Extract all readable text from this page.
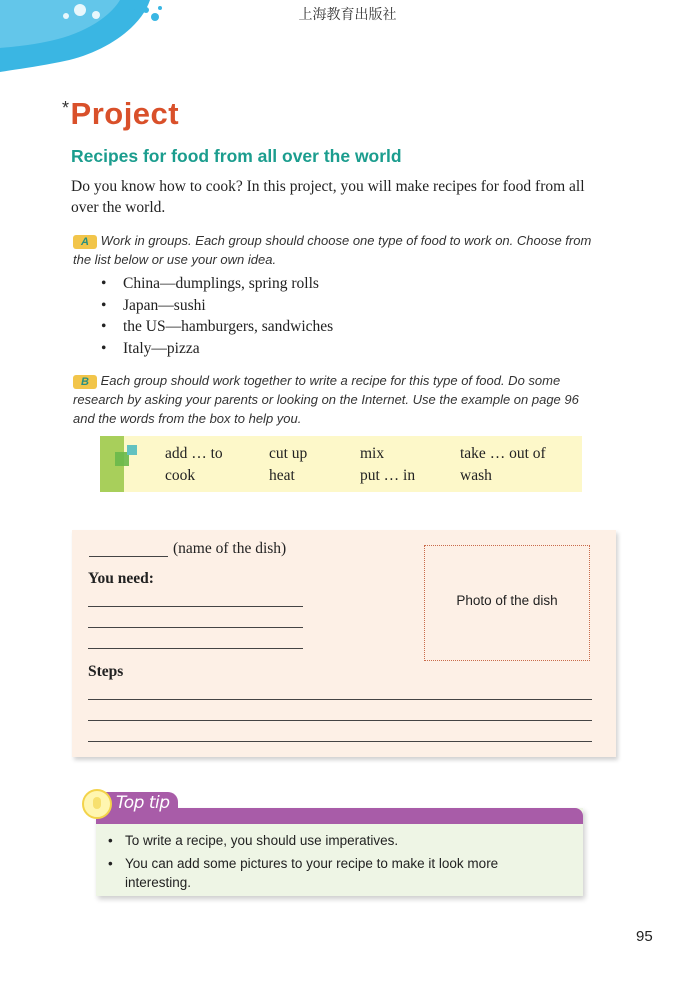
上海教育出版社
*Project
Recipes for food from all over the world
Do you know how to cook? In this project, you will make recipes for food from all over the world.
A Work in groups. Each group should choose one type of food to work on. Choose from the list below or use your own idea.
• China—dumplings, spring rolls
• Japan—sushi
• the US—hamburgers, sandwiches
• Italy—pizza
B Each group should work together to write a recipe for this type of food. Do some research by asking your parents or looking on the Internet. Use the example on page 96 and the words from the box to help you.
add … to	cut up	mix	take … out of
cook	heat	put … in	wash
(name of the dish)
You need:
Steps
Photo of the dish
Top tip
• To write a recipe, you should use imperatives.
• You can add some pictures to your recipe to make it look more interesting.
95
